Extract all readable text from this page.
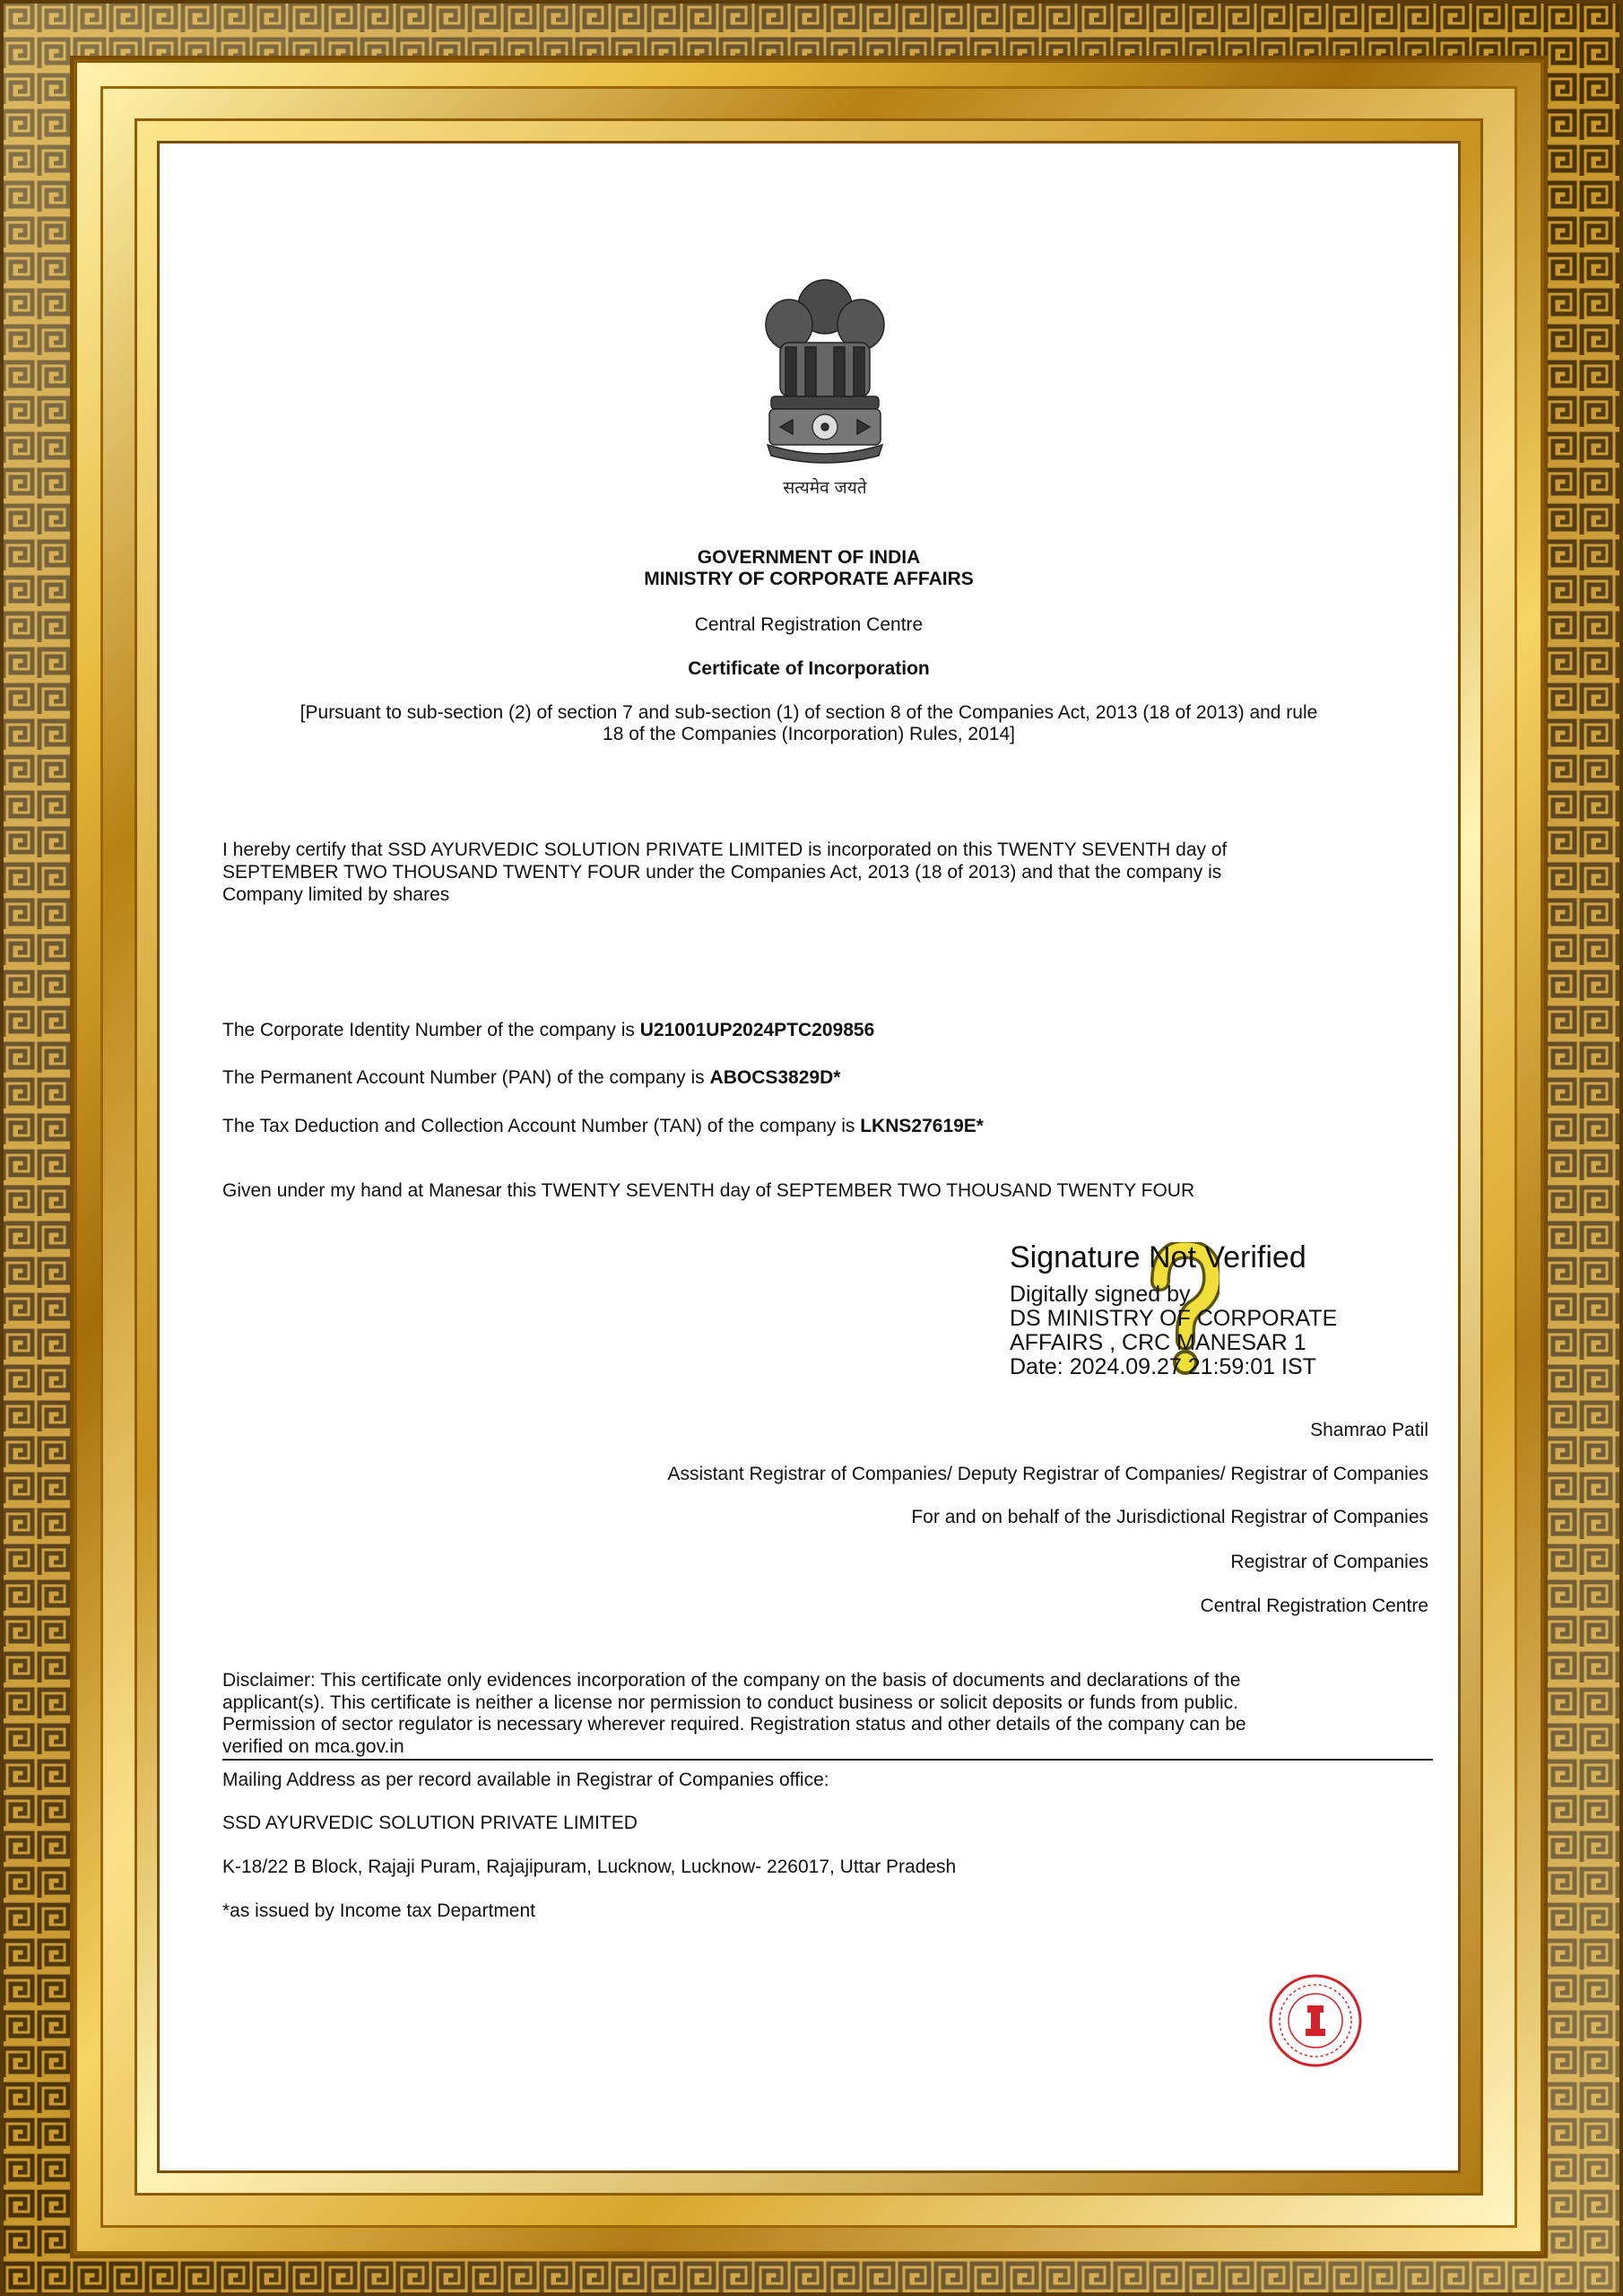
सत्यमेव जयते
GOVERNMENT OF INDIA
MINISTRY OF CORPORATE AFFAIRS
Central Registration Centre
Certificate of Incorporation
[Pursuant to sub-section (2) of section 7 and sub-section (1) of section 8 of the Companies Act, 2013 (18 of 2013) and rule
18 of the Companies (Incorporation) Rules, 2014]
I hereby certify that SSD AYURVEDIC SOLUTION PRIVATE LIMITED is incorporated on this TWENTY SEVENTH day of
SEPTEMBER TWO THOUSAND TWENTY FOUR under the Companies Act, 2013 (18 of 2013) and that the company is
Company limited by shares
The Corporate Identity Number of the company is U21001UP2024PTC209856
The Permanent Account Number (PAN) of the company is ABOCS3829D*
The Tax Deduction and Collection Account Number (TAN) of the company is LKNS27619E*
Given under my hand at Manesar this TWENTY SEVENTH day of SEPTEMBER TWO THOUSAND TWENTY FOUR
Signature Not Verified
Digitally signed by
DS MINISTRY OF CORPORATE
AFFAIRS , CRC MANESAR 1
Date: 2024.09.27 21:59:01 IST
Shamrao Patil
Assistant Registrar of Companies/ Deputy Registrar of Companies/ Registrar of Companies
For and on behalf of the Jurisdictional Registrar of Companies
Registrar of Companies
Central Registration Centre
Disclaimer: This certificate only evidences incorporation of the company on the basis of documents and declarations of the
applicant(s). This certificate is neither a license nor permission to conduct business or solicit deposits or funds from public.
Permission of sector regulator is necessary wherever required. Registration status and other details of the company can be
verified on mca.gov.in
Mailing Address as per record available in Registrar of Companies office:
SSD AYURVEDIC SOLUTION PRIVATE LIMITED
K-18/22 B Block, Rajaji Puram, Rajajipuram, Lucknow, Lucknow- 226017, Uttar Pradesh
*as issued by Income tax Department
